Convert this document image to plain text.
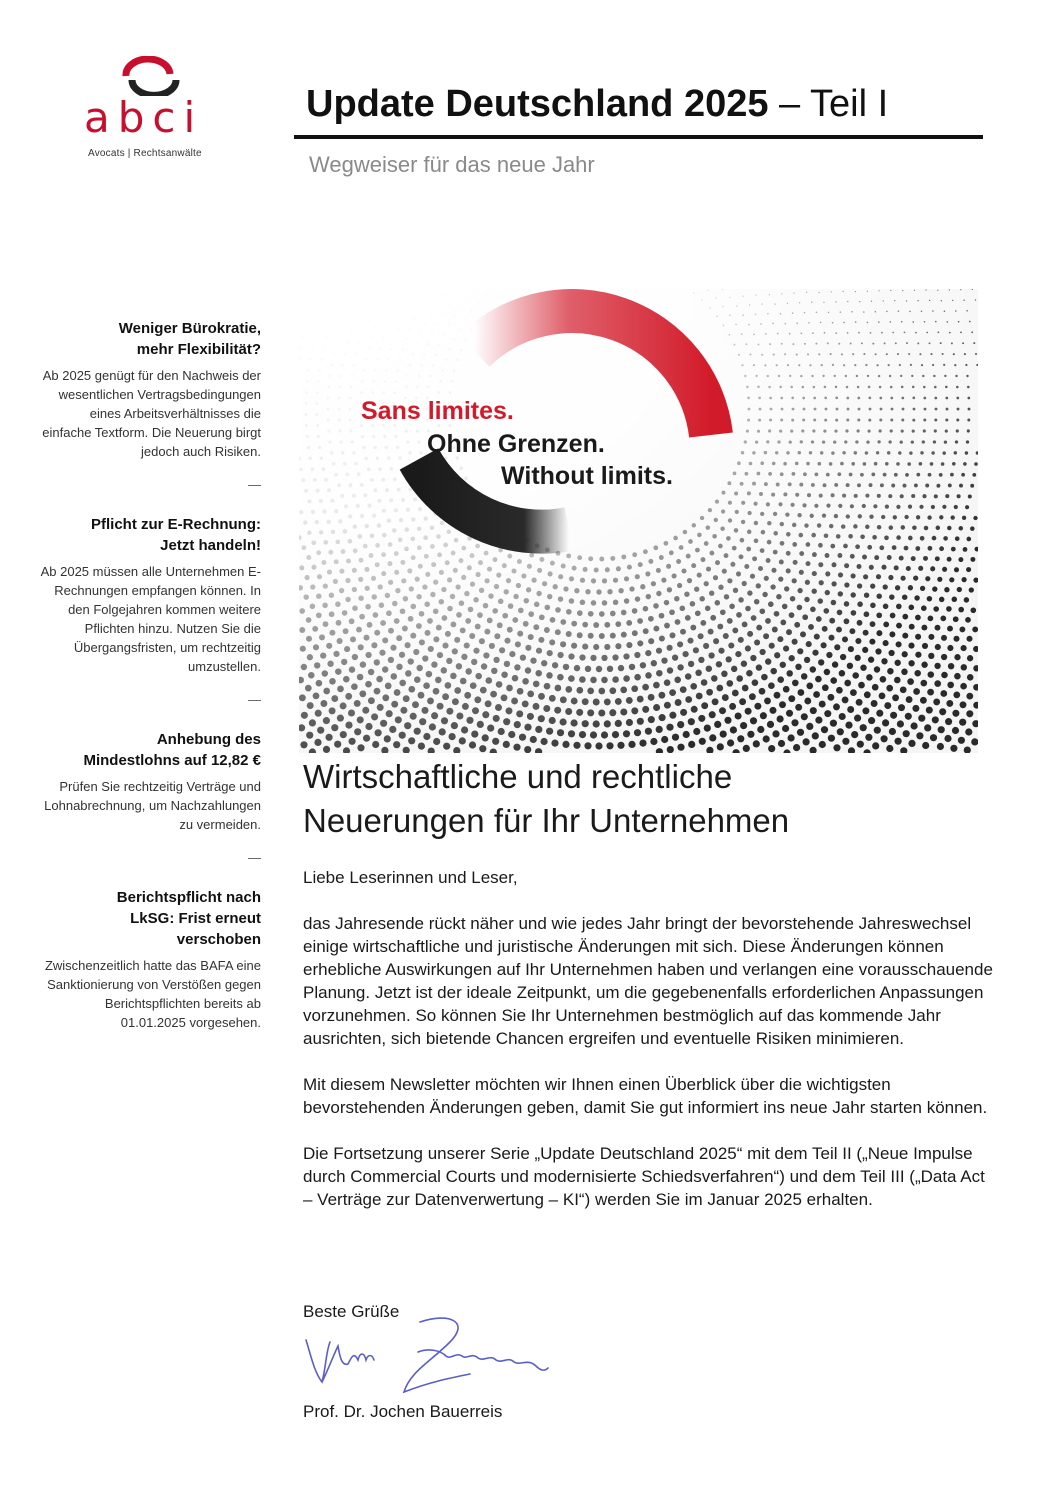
abci
Avocats | Rechtsanwälte
Update Deutschland 2025 – Teil I
Wegweiser für das neue Jahr
Weniger Bürokratie,
mehr Flexibilität?
Ab 2025 genügt für den Nachweis der wesentlichen Vertragsbedingungen eines Arbeitsverhältnisses die einfache Textform. Die Neuerung birgt jedoch auch Risiken.
—
Pflicht zur E-Rechnung:
Jetzt handeln!
Ab 2025 müssen alle Unternehmen E-Rechnungen empfangen können. In den Folgejahren kommen weitere Pflichten hinzu. Nutzen Sie die Übergangsfristen, um rechtzeitig umzustellen.
—
Anhebung des
Mindestlohns auf 12,82 €
Prüfen Sie rechtzeitig Verträge und Lohnabrechnung, um Nachzahlungen zu vermeiden.
—
Berichtspflicht nach
LkSG: Frist erneut
verschoben
Zwischenzeitlich hatte das BAFA eine Sanktionierung von Verstößen gegen Berichtspflichten bereits ab 01.01.2025 vorgesehen.
Sans limites.
Ohne Grenzen.
Without limits.
Wirtschaftliche und rechtliche
Neuerungen für Ihr Unternehmen

Liebe Leserinnen und Leser,

das Jahresende rückt näher und wie jedes Jahr bringt der bevorstehende Jahreswechsel einige wirtschaftliche und juristische Änderungen mit sich. Diese Änderungen können erhebliche Auswirkungen auf Ihr Unternehmen haben und verlangen eine vorausschauende Planung. Jetzt ist der ideale Zeitpunkt, um die gegebenenfalls erforderlichen Anpassungen vorzunehmen. So können Sie Ihr Unternehmen bestmöglich auf das kommende Jahr ausrichten, sich bietende Chancen ergreifen und eventuelle Risiken minimieren.

Mit diesem Newsletter möchten wir Ihnen einen Überblick über die wichtigsten bevorstehenden Änderungen geben, damit Sie gut informiert ins neue Jahr starten können.

Die Fortsetzung unserer Serie „Update Deutschland 2025“ mit dem Teil II („Neue Impulse durch Commercial Courts und modernisierte Schiedsverfahren“) und dem Teil III („Data Act – Verträge zur Datenverwertung – KI“) werden Sie im Januar 2025 erhalten.

Beste Grüße
Prof. Dr. Jochen Bauerreis
